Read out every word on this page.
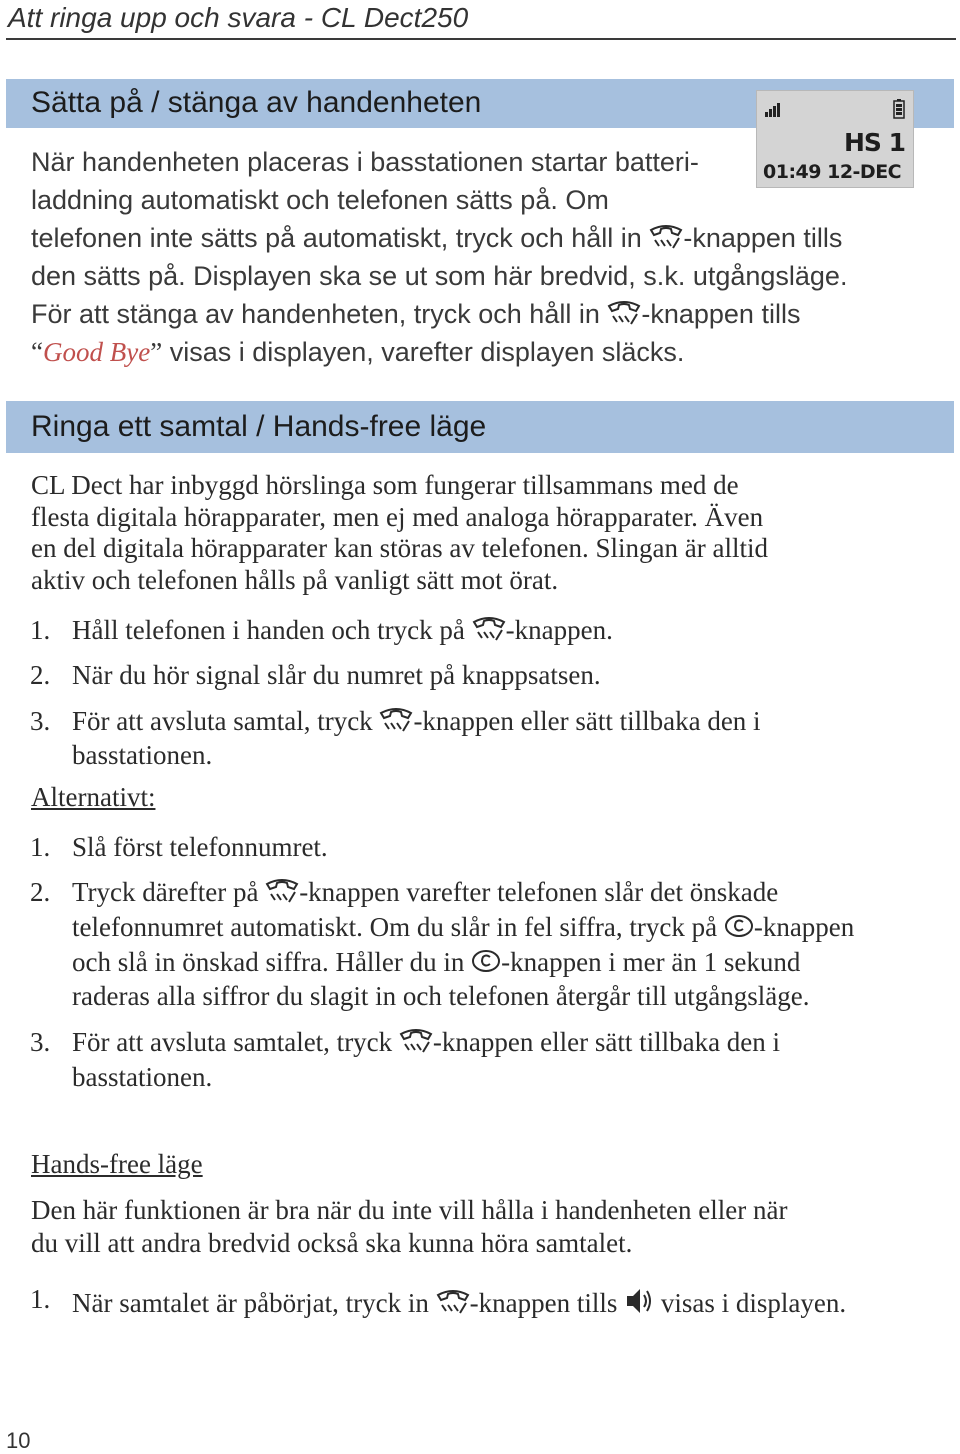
Att ringa upp och svara - CL Dect250
Sätta på / stänga av handenheten
HS 1
01:49 12-DEC
När handenheten placeras i basstationen startar batteri-
laddning automatiskt och telefonen sätts på. Om
telefonen inte sätts på automatiskt, tryck och håll in -knappen tills
den sätts på. Displayen ska se ut som här bredvid, s.k. utgångsläge.
För att stänga av handenheten, tryck och håll in -knappen tills
“Good Bye” visas i displayen, varefter displayen släcks.
Ringa ett samtal / Hands-free läge
CL Dect har inbyggd hörslinga som fungerar tillsammans med de
flesta digitala hörapparater, men ej med analoga hörapparater. Även
en del digitala hörapparater kan störas av telefonen. Slingan är alltid
aktiv och telefonen hålls på vanligt sätt mot örat.
1. Håll telefonen i handen och tryck på -knappen.
2. När du hör signal slår du numret på knappsatsen.
3. För att avsluta samtal, tryck -knappen eller sätt tillbaka den i
basstationen.
Alternativt:
1. Slå först telefonnumret.
2. Tryck därefter på -knappen varefter telefonen slår det önskade
telefonnumret automatiskt. Om du slår in fel siffra, tryck på -knappen
och slå in önskad siffra. Håller du in -knappen i mer än 1 sekund
raderas alla siffror du slagit in och telefonen återgår till utgångsläge.
3. För att avsluta samtalet, tryck -knappen eller sätt tillbaka den i
basstationen.
Hands-free läge
Den här funktionen är bra när du inte vill hålla i handenheten eller när
du vill att andra bredvid också ska kunna höra samtalet.
1. När samtalet är påbörjat, tryck in -knappen tills  visas i displayen.
10
